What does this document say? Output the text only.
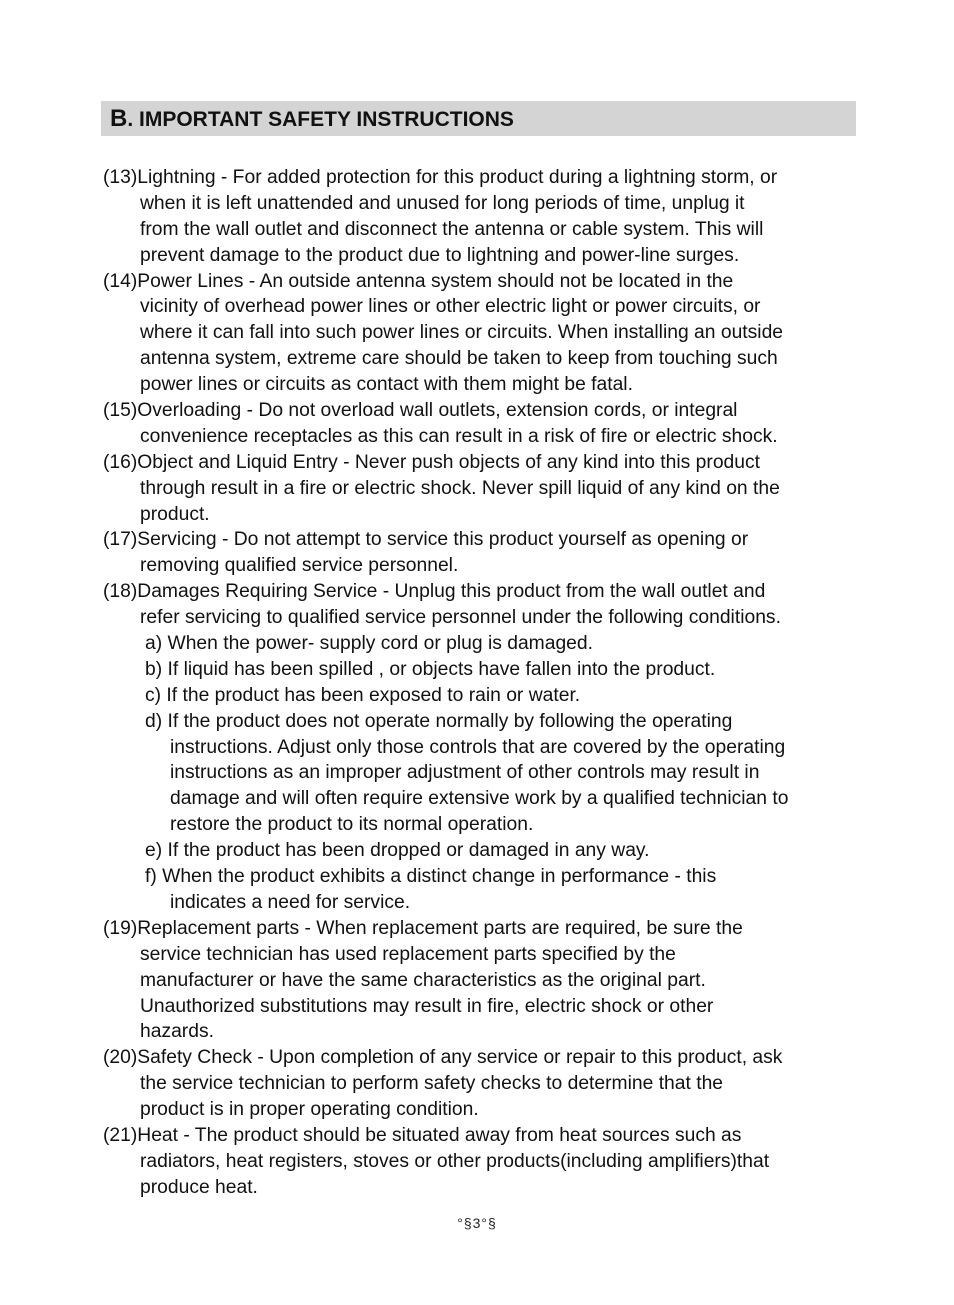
B. IMPORTANT SAFETY INSTRUCTIONS
(13)Lightning - For added protection for this product during a lightning storm, or
when it is left unattended and unused for long periods of time, unplug it
from the wall outlet and disconnect the antenna or cable system. This will
prevent damage to the product due to lightning and power-line surges.
(14)Power Lines - An outside antenna system should not be located in the
vicinity of overhead power lines or other electric light or power circuits, or
where it can fall into such power lines or circuits. When installing an outside
antenna system, extreme care should be taken to keep from touching such
power lines or circuits as contact with them might be fatal.
(15)Overloading - Do not overload wall outlets, extension cords, or integral
convenience receptacles as this can result in a risk of fire or electric shock.
(16)Object and Liquid Entry - Never push objects of any kind into this product
through result in a fire or electric shock. Never spill liquid of any kind on the
product.
(17)Servicing - Do not attempt to service this product yourself as opening or
removing qualified service personnel.
(18)Damages Requiring Service - Unplug this product from the wall outlet and
refer servicing to qualified service personnel under the following conditions.
a) When the power- supply cord or plug is damaged.
b) If liquid has been spilled , or objects have fallen into the product.
c) If the product has been exposed to rain or water.
d) If the product does not operate normally by following the operating
instructions. Adjust only those controls that are covered by the operating
instructions as an improper adjustment of other controls may result in
damage and will often require extensive work by a qualified technician to
restore the product to its normal operation.
e) If the product has been dropped or damaged in any way.
f) When the product exhibits a distinct change in performance - this
indicates a need for service.
(19)Replacement parts - When replacement parts are required, be sure the
service technician has used replacement parts specified by the
manufacturer or have the same characteristics as the original part.
Unauthorized substitutions may result in fire, electric shock or other
hazards.
(20)Safety Check - Upon completion of any service or repair to this product, ask
the service technician to perform safety checks to determine that the
product is in proper operating condition.
(21)Heat - The product should be situated away from heat sources such as
radiators, heat registers, stoves or other products(including amplifiers)that
produce heat.
°§3°§
